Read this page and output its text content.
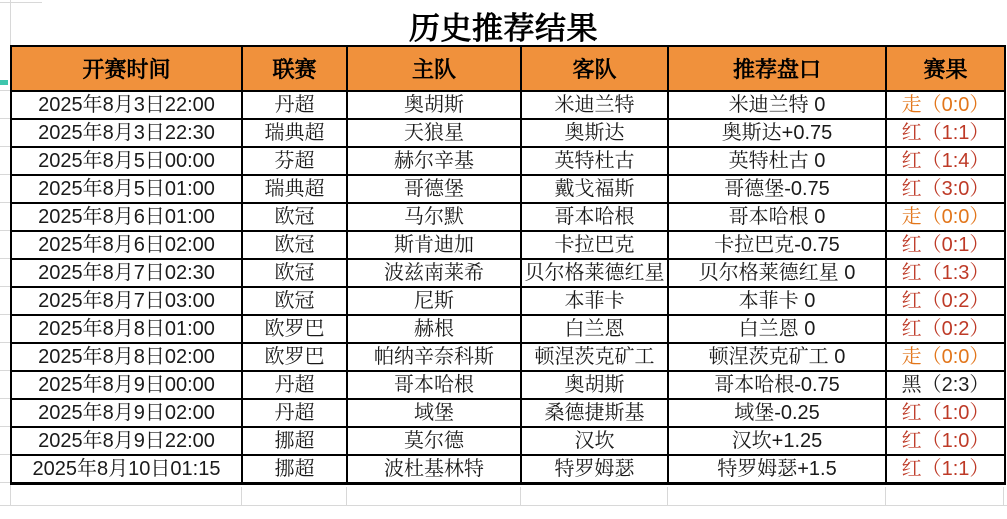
历史推荐结果
开赛时间	联赛	主队	客队	推荐盘口	赛果
2025年8月3日22:00	丹超	奥胡斯	米迪兰特	米迪兰特 0	走（0:0）
2025年8月3日22:30	瑞典超	天狼星	奥斯达	奥斯达+0.75	红（1:1）
2025年8月5日00:00	芬超	赫尔辛基	英特杜古	英特杜古 0	红（1:4）
2025年8月5日01:00	瑞典超	哥德堡	戴戈福斯	哥德堡-0.75	红（3:0）
2025年8月6日01:00	欧冠	马尔默	哥本哈根	哥本哈根 0	走（0:0）
2025年8月6日02:00	欧冠	斯肯迪加	卡拉巴克	卡拉巴克-0.75	红（0:1）
2025年8月7日02:30	欧冠	波兹南莱希	贝尔格莱德红星	贝尔格莱德红星 0	红（1:3）
2025年8月7日03:00	欧冠	尼斯	本菲卡	本菲卡 0	红（0:2）
2025年8月8日01:00	欧罗巴	赫根	白兰恩	白兰恩 0	红（0:2）
2025年8月8日02:00	欧罗巴	帕纳辛奈科斯	顿涅茨克矿工	顿涅茨克矿工 0	走（0:0）
2025年8月9日00:00	丹超	哥本哈根	奥胡斯	哥本哈根-0.75	黑（2:3）
2025年8月9日02:00	丹超	域堡	桑德捷斯基	域堡-0.25	红（1:0）
2025年8月9日22:00	挪超	莫尔德	汉坎	汉坎+1.25	红（1:0）
2025年8月10日01:15	挪超	波杜基林特	特罗姆瑟	特罗姆瑟+1.5	红（1:1）
